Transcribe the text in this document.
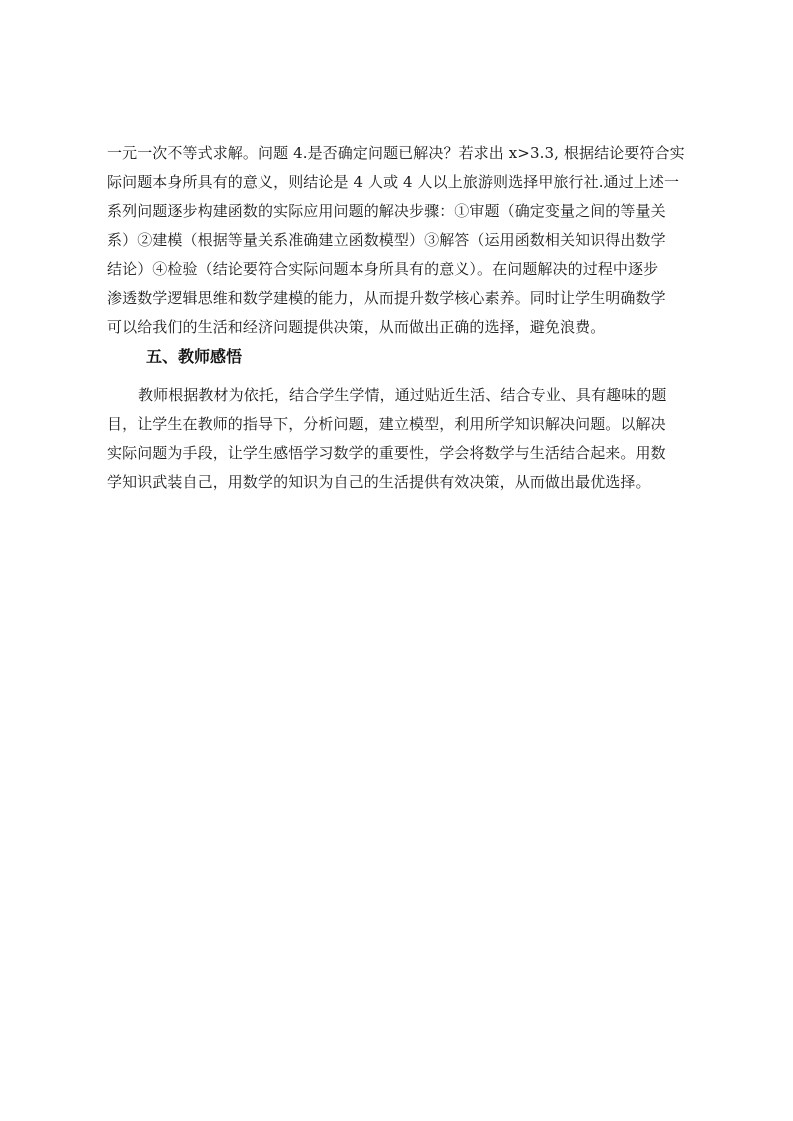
一元一次不等式求解。问题 4.是否确定问题已解决？若求出 x>3.3, 根据结论要符合实
际问题本身所具有的意义，则结论是 4 人或 4 人以上旅游则选择甲旅行社.通过上述一
系列问题逐步构建函数的实际应用问题的解决步骤：①审题（确定变量之间的等量关
系）②建模（根据等量关系准确建立函数模型）③解答（运用函数相关知识得出数学
结论）④检验（结论要符合实际问题本身所具有的意义）。在问题解决的过程中逐步
渗透数学逻辑思维和数学建模的能力，从而提升数学核心素养。同时让学生明确数学
可以给我们的生活和经济问题提供决策，从而做出正确的选择，避免浪费。
五、教师感悟
教师根据教材为依托，结合学生学情，通过贴近生活、结合专业、具有趣味的题
目，让学生在教师的指导下，分析问题，建立模型，利用所学知识解决问题。以解决
实际问题为手段，让学生感悟学习数学的重要性，学会将数学与生活结合起来。用数
学知识武装自己，用数学的知识为自己的生活提供有效决策，从而做出最优选择。
